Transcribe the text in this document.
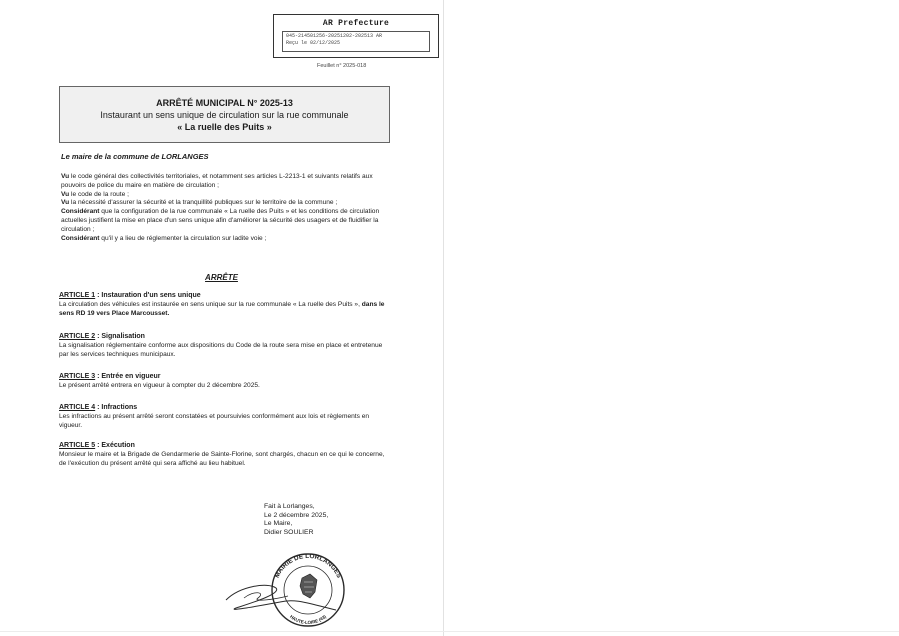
AR Prefecture
045-214501256-20251202-202513 AR
Reçu le 02/12/2025
Feuillet n° 2025-018
ARRÊTÉ MUNICIPAL N° 2025-13
Instaurant un sens unique de circulation sur la rue communale
« La ruelle des Puits »
Le maire de la commune de LORLANGES

Vu le code général des collectivités territoriales, et notamment ses articles L-2213-1 et suivants relatifs aux pouvoirs de police du maire en matière de circulation ;

Vu le code de la route ;

Vu la nécessité d'assurer la sécurité et la tranquillité publiques sur le territoire de la commune ;

Considérant que la configuration de la rue communale « La ruelle des Puits » et les conditions de circulation actuelles justifient la mise en place d'un sens unique afin d'améliorer la sécurité des usagers et de fluidifier la circulation ;

Considérant qu'il y a lieu de réglementer la circulation sur ladite voie ;

ARRÊTE
ARTICLE 1 : Instauration d'un sens unique

La circulation des véhicules est instaurée en sens unique sur la rue communale « La ruelle des Puits », dans le sens RD 19 vers Place Marcousset.

ARTICLE 2 : Signalisation

La signalisation réglementaire conforme aux dispositions du Code de la route sera mise en place et entretenue par les services techniques municipaux.

ARTICLE 3 : Entrée en vigueur

Le présent arrêté entrera en vigueur à compter du 2 décembre 2025.

ARTICLE 4 : Infractions

Les infractions au présent arrêté seront constatées et poursuivies conformément aux lois et règlements en vigueur.

ARTICLE 5 : Exécution

Monsieur le maire et la Brigade de Gendarmerie de Sainte-Florine, sont chargés, chacun en ce qui le concerne, de l'exécution du présent arrêté qui sera affiché au lieu habituel.

Fait à Lorlanges,
Le 2 décembre 2025,
Le Maire,
Didier SOULIER
MAIRIE DE LORLANGES
HAUTE-LOIRE (43)
